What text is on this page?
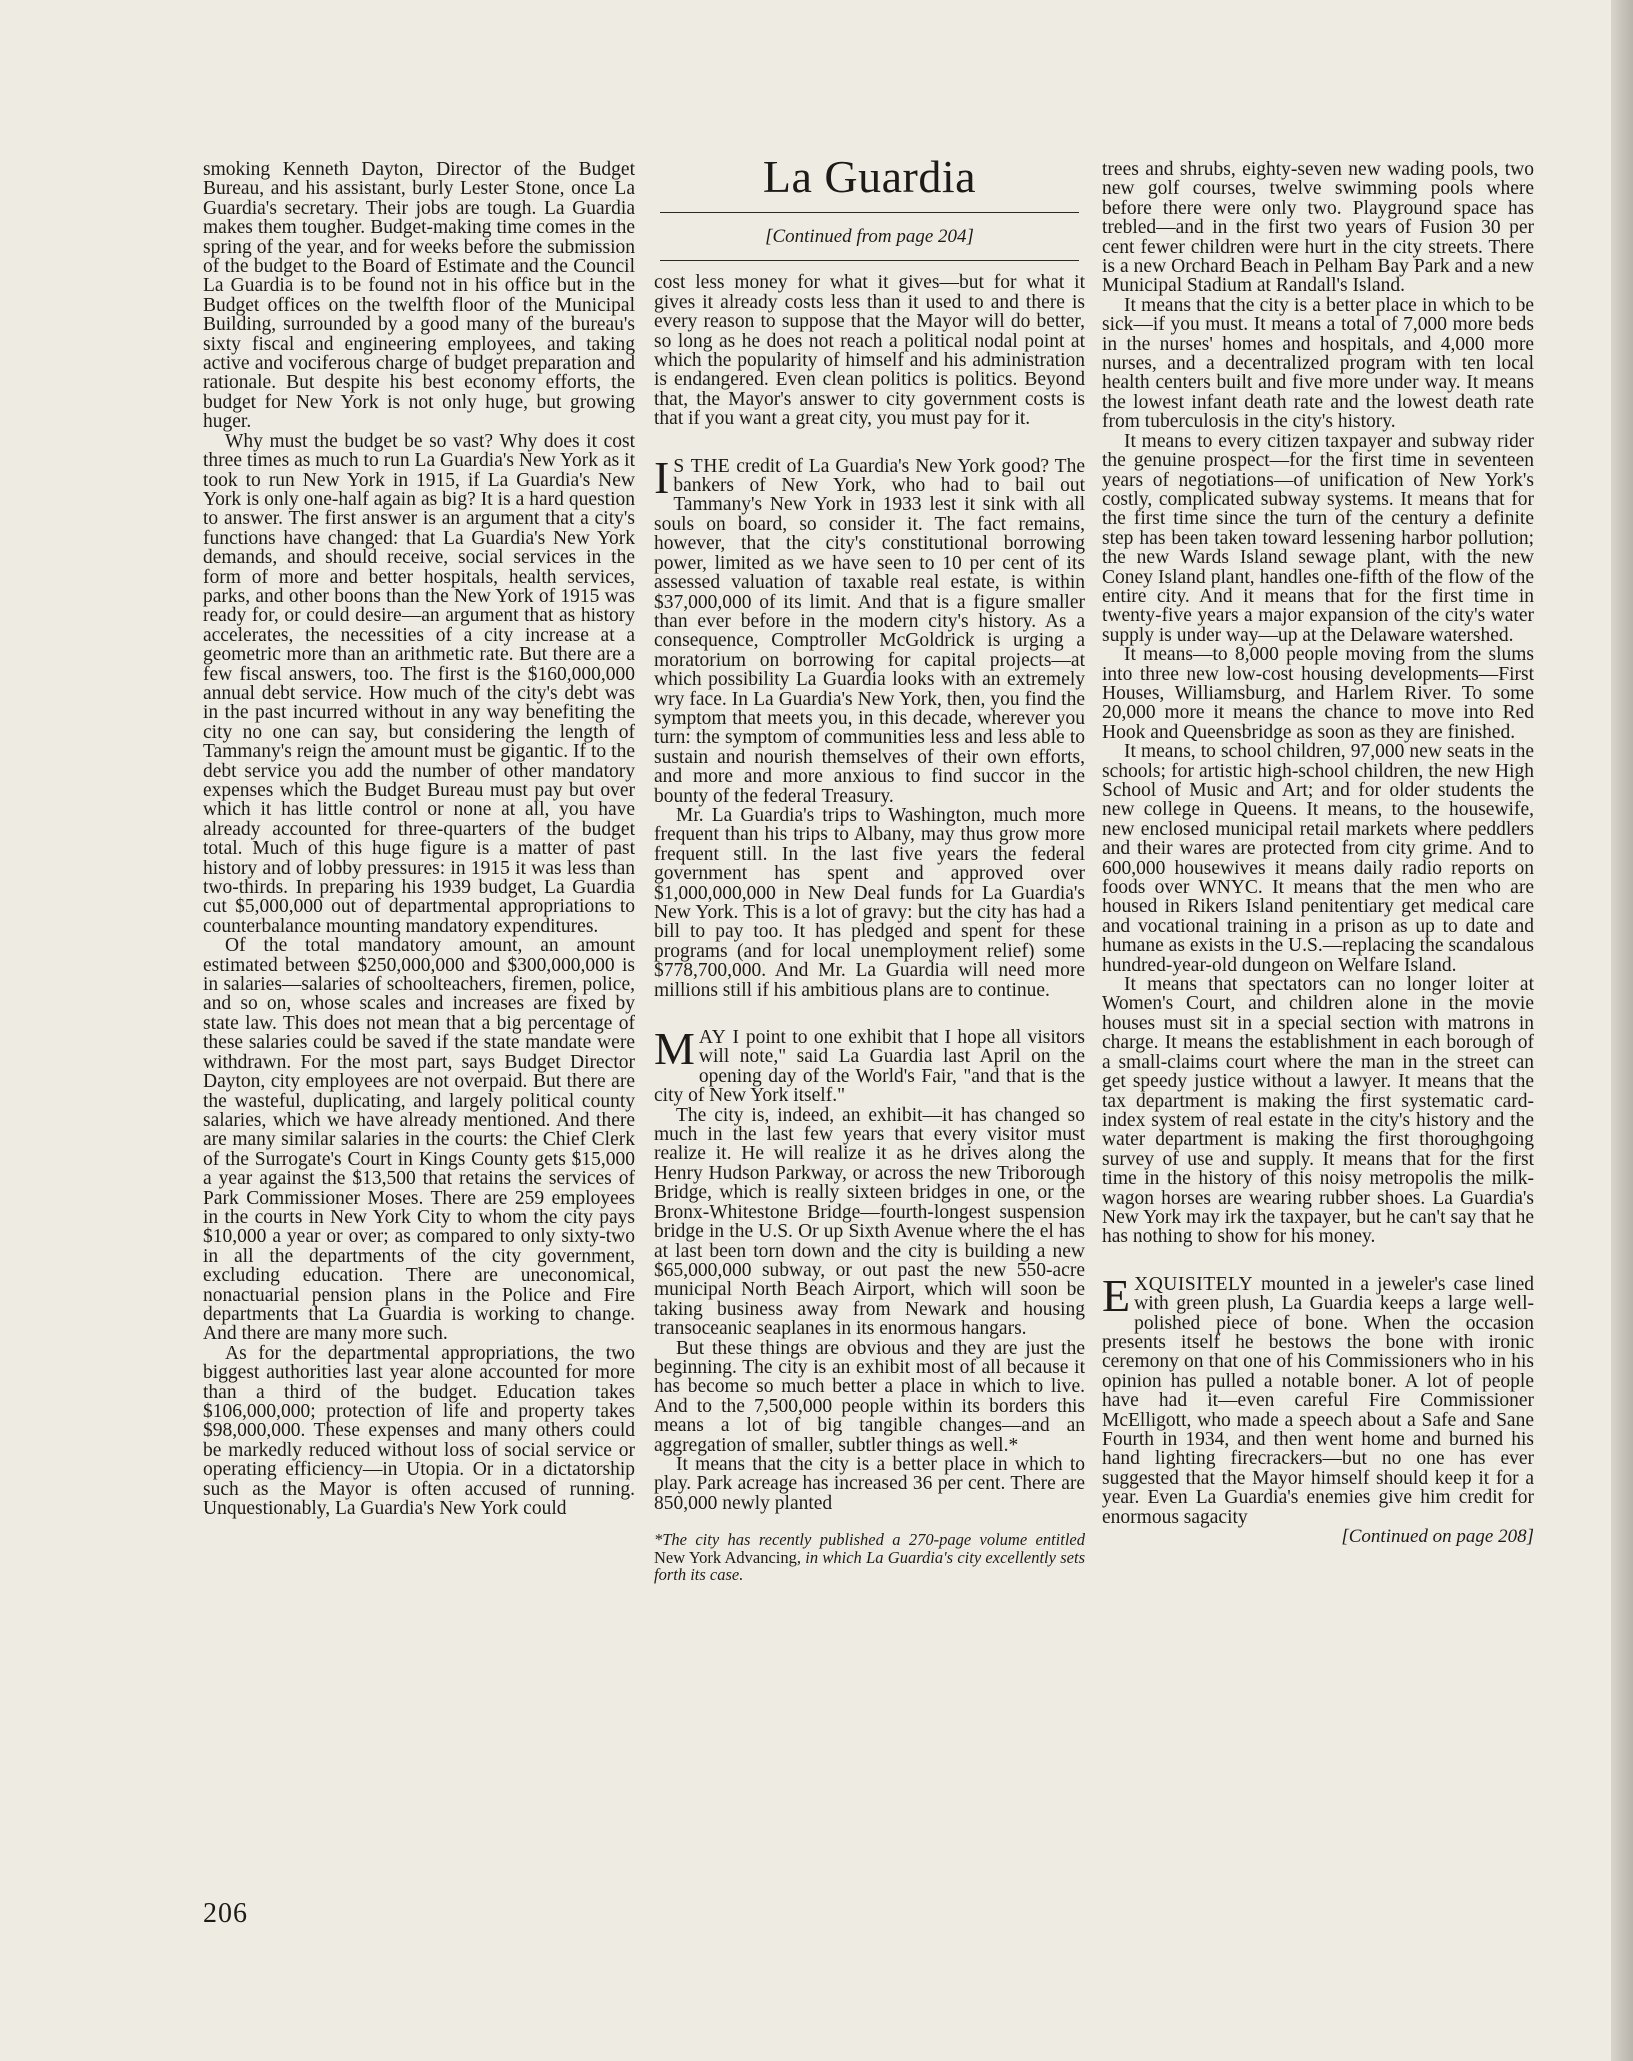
smoking Kenneth Dayton, Director of the Budget Bureau, and his assistant, burly Lester Stone, once La Guardia's secretary. Their jobs are tough. La Guardia makes them tougher. Budget-making time comes in the spring of the year, and for weeks before the submission of the budget to the Board of Estimate and the Council La Guardia is to be found not in his office but in the Budget offices on the twelfth floor of the Municipal Building, surrounded by a good many of the bureau's sixty fiscal and engineering employees, and taking active and vociferous charge of budget preparation and rationale. But despite his best economy efforts, the budget for New York is not only huge, but growing huger.

Why must the budget be so vast? Why does it cost three times as much to run La Guardia's New York as it took to run New York in 1915, if La Guardia's New York is only one-half again as big? It is a hard question to answer. The first answer is an argument that a city's functions have changed: that La Guardia's New York demands, and should receive, social services in the form of more and better hospitals, health services, parks, and other boons than the New York of 1915 was ready for, or could desire—an argument that as history accelerates, the necessities of a city increase at a geometric more than an arithmetic rate. But there are a few fiscal answers, too. The first is the $160,000,000 annual debt service. How much of the city's debt was in the past incurred without in any way benefiting the city no one can say, but considering the length of Tammany's reign the amount must be gigantic. If to the debt service you add the number of other mandatory expenses which the Budget Bureau must pay but over which it has little control or none at all, you have already accounted for three-quarters of the budget total. Much of this huge figure is a matter of past history and of lobby pressures: in 1915 it was less than two-thirds. In preparing his 1939 budget, La Guardia cut $5,000,000 out of departmental appropriations to counterbalance mounting mandatory expenditures.

Of the total mandatory amount, an amount estimated between $250,000,000 and $300,000,000 is in salaries—salaries of schoolteachers, firemen, police, and so on, whose scales and increases are fixed by state law. This does not mean that a big percentage of these salaries could be saved if the state mandate were withdrawn. For the most part, says Budget Director Dayton, city employees are not overpaid. But there are the wasteful, duplicating, and largely political county salaries, which we have already mentioned. And there are many similar salaries in the courts: the Chief Clerk of the Surrogate's Court in Kings County gets $15,000 a year against the $13,500 that retains the services of Park Commissioner Moses. There are 259 employees in the courts in New York City to whom the city pays $10,000 a year or over; as compared to only sixty-two in all the departments of the city government, excluding education. There are uneconomical, nonactuarial pension plans in the Police and Fire departments that La Guardia is working to change. And there are many more such.

As for the departmental appropriations, the two biggest authorities last year alone accounted for more than a third of the budget. Education takes $106,000,000; protection of life and property takes $98,000,000. These expenses and many others could be markedly reduced without loss of social service or operating efficiency—in Utopia. Or in a dictatorship such as the Mayor is often accused of running. Unquestionably, La Guardia's New York could

La Guardia
[Continued from page 204]

cost less money for what it gives—but for what it gives it already costs less than it used to and there is every reason to suppose that the Mayor will do better, so long as he does not reach a political nodal point at which the popularity of himself and his administration is endangered. Even clean politics is politics. Beyond that, the Mayor's answer to city government costs is that if you want a great city, you must pay for it.

I S THE credit of La Guardia's New York good? The bankers of New York, who had to bail out Tammany's New York in 1933 lest it sink with all souls on board, so consider it. The fact remains, however, that the city's constitutional borrowing power, limited as we have seen to 10 per cent of its assessed valuation of taxable real estate, is within $37,000,000 of its limit. And that is a figure smaller than ever before in the modern city's history. As a consequence, Comptroller McGoldrick is urging a moratorium on borrowing for capital projects—at which possibility La Guardia looks with an extremely wry face. In La Guardia's New York, then, you find the symptom that meets you, in this decade, wherever you turn: the symptom of communities less and less able to sustain and nourish themselves of their own efforts, and more and more anxious to find succor in the bounty of the federal Treasury.

Mr. La Guardia's trips to Washington, much more frequent than his trips to Albany, may thus grow more frequent still. In the last five years the federal government has spent and approved over $1,000,000,000 in New Deal funds for La Guardia's New York. This is a lot of gravy: but the city has had a bill to pay too. It has pledged and spent for these programs (and for local unemployment relief) some $778,700,000. And Mr. La Guardia will need more millions still if his ambitious plans are to continue.

MAY I point to one exhibit that I hope all visitors will note," said La Guardia last April on the opening day of the World's Fair, "and that is the city of New York itself."

The city is, indeed, an exhibit—it has changed so much in the last few years that every visitor must realize it. He will realize it as he drives along the Henry Hudson Parkway, or across the new Triborough Bridge, which is really sixteen bridges in one, or the Bronx-Whitestone Bridge—fourth-longest suspension bridge in the U.S. Or up Sixth Avenue where the el has at last been torn down and the city is building a new $65,000,000 subway, or out past the new 550-acre municipal North Beach Airport, which will soon be taking business away from Newark and housing transoceanic seaplanes in its enormous hangars.

But these things are obvious and they are just the beginning. The city is an exhibit most of all because it has become so much better a place in which to live. And to the 7,500,000 people within its borders this means a lot of big tangible changes—and an aggregation of smaller, subtler things as well.*

It means that the city is a better place in which to play. Park acreage has increased 36 per cent. There are 850,000 newly planted

*The city has recently published a 270-page volume entitled New York Advancing, in which La Guardia's city excellently sets forth its case.

trees and shrubs, eighty-seven new wading pools, two new golf courses, twelve swimming pools where before there were only two. Playground space has trebled—and in the first two years of Fusion 30 per cent fewer children were hurt in the city streets. There is a new Orchard Beach in Pelham Bay Park and a new Municipal Stadium at Randall's Island.

It means that the city is a better place in which to be sick—if you must. It means a total of 7,000 more beds in the nurses' homes and hospitals, and 4,000 more nurses, and a decentralized program with ten local health centers built and five more under way. It means the lowest infant death rate and the lowest death rate from tuberculosis in the city's history.

It means to every citizen taxpayer and subway rider the genuine prospect—for the first time in seventeen years of negotiations—of unification of New York's costly, complicated subway systems. It means that for the first time since the turn of the century a definite step has been taken toward lessening harbor pollution; the new Wards Island sewage plant, with the new Coney Island plant, handles one-fifth of the flow of the entire city. And it means that for the first time in twenty-five years a major expansion of the city's water supply is under way—up at the Delaware watershed.

It means—to 8,000 people moving from the slums into three new low-cost housing developments—First Houses, Williamsburg, and Harlem River. To some 20,000 more it means the chance to move into Red Hook and Queensbridge as soon as they are finished.

It means, to school children, 97,000 new seats in the schools; for artistic high-school children, the new High School of Music and Art; and for older students the new college in Queens. It means, to the housewife, new enclosed municipal retail markets where peddlers and their wares are protected from city grime. And to 600,000 housewives it means daily radio reports on foods over WNYC. It means that the men who are housed in Rikers Island penitentiary get medical care and vocational training in a prison as up to date and humane as exists in the U.S.—replacing the scandalous hundred-year-old dungeon on Welfare Island.

It means that spectators can no longer loiter at Women's Court, and children alone in the movie houses must sit in a special section with matrons in charge. It means the establishment in each borough of a small-claims court where the man in the street can get speedy justice without a lawyer. It means that the tax department is making the first systematic card-index system of real estate in the city's history and the water department is making the first thoroughgoing survey of use and supply. It means that for the first time in the history of this noisy metropolis the milk-wagon horses are wearing rubber shoes. La Guardia's New York may irk the taxpayer, but he can't say that he has nothing to show for his money.

EXQUISITELY mounted in a jeweler's case lined with green plush, La Guardia keeps a large well-polished piece of bone. When the occasion presents itself he bestows the bone with ironic ceremony on that one of his Commissioners who in his opinion has pulled a notable boner. A lot of people have had it—even careful Fire Commissioner McElligott, who made a speech about a Safe and Sane Fourth in 1934, and then went home and burned his hand lighting firecrackers—but no one has ever suggested that the Mayor himself should keep it for a year. Even La Guardia's enemies give him credit for enormous sagacity

[Continued on page 208]

206
